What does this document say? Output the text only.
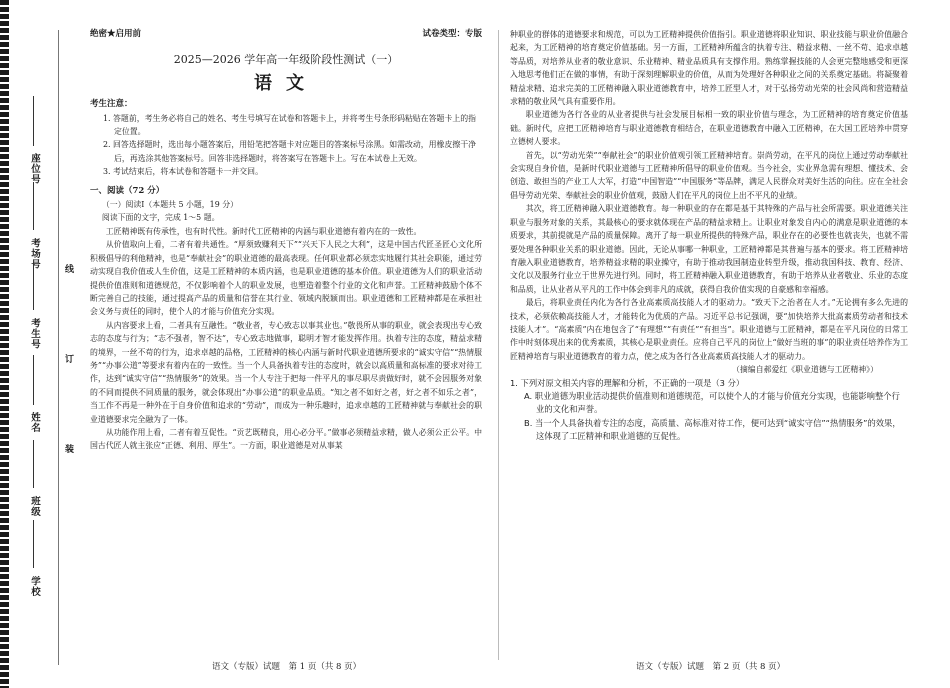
座位号
考场号
考生号
姓名
班级
学校
线
订
装
绝密★启用前	试卷类型：专版
2025—2026 学年高一年级阶段性测试（一）
语文
考生注意：
1. 答题前，考生务必将自己的姓名、考生号填写在试卷和答题卡上，并将考生号条形码粘贴在答题卡上的指定位置。
2. 回答选择题时，选出每小题答案后，用铅笔把答题卡对应题目的答案标号涂黑。如需改动，用橡皮擦干净后，再选涂其他答案标号。回答非选择题时，将答案写在答题卡上。写在本试卷上无效。
3. 考试结束后，将本试卷和答题卡一并交回。
一、阅读（72 分）
（一）阅读Ⅰ（本题共 5 小题，19 分）
阅读下面的文字，完成 1～5 题。
工匠精神既有传承性，也有时代性。新时代工匠精神的内涵与职业道德有着内在的一致性。
从价值取向上看，二者有着共通性。“厚须致赚利天下”“兴天下人民之大利”，这是中国古代匠圣匠心文化所积极倡导的利他精神，也是“奉献社会”的职业道德的最高表现。任何职业都必须恋实地履行其社会职能，通过劳动实现自我价值或人生价值，这是工匠精神的本质内涵，也是职业道德的基本价值。职业道德为人们的职业活动提供价值准则和道德规范，不仅影响着个人的职业发展，也塑造着整个行业的文化和声誉。工匠精神鼓励个体不断完善自己的技能，通过提高产品的质量和信誉在其行业、领域内脱颖而出。职业道德和工匠精神都是在承担社会义务与责任的同时，使个人的才能与价值充分实现。
从内容要求上看，二者具有互融性。“敬业者，专心致志以事其业也。”敬畏所从事的职业，就会表现出专心致志的态度与行为；“志不强者，智不达”，专心致志地做事，聪明才智才能发挥作用。执着专注的态度，精益求精的境界，一丝不苟的行为，追求卓越的品格，工匠精神的核心内涵与新时代职业道德所要求的“诚实守信”“热情服务”“办事公道”等要求有着内在的一致性。当一个人具备执着专注的态度时，就会以高质量和高标准的要求对待工作，达到“诚实守信”“热情服务”的效果。当一个人专注于把每一件平凡的事尽职尽责做好时，就不会因服务对象的不同而提供不同质量的服务，就会体现出“办事公道”的职业品质。“知之者不如好之者，好之者不如乐之者”，当工作不再是一种外在于自身价值和追求的“劳动”，而成为一种乐趣时，追求卓越的工匠精神就与奉献社会的职业道德要求完全融为了一体。
从功能作用上看，二者有着互促性。“贡艺既精良，用心必分平。”做事必须精益求精，做人必须公正公平。中国古代匠人就主张应“正德、利用、厚生”。一方面，职业道德是对从事某
语文（专版）试题　第 1 页（共 8 页）
种职业的群体的道德要求和规范，可以为工匠精神提供价值指引。职业道德将职业知识、职业技能与职业价值融合起来，为工匠精神的培育奠定价值基础。另一方面，工匠精神所蕴含的执着专注、精益求精、一丝不苟、追求卓越等品质，对培养从业者的敬业意识、乐业精神、精业品质具有支撑作用。熟练掌握技能的人会更完整地感受和更深入地思考他们正在做的事情，有助于深刻理解职业的价值，从而为处理好各种职业之间的关系奠定基础。将凝聚着精益求精、追求完美的工匠精神融入职业道德教育中，培养工匠型人才，对于弘扬劳动光荣的社会风尚和营造精益求精的敬业风气具有重要作用。
职业道德为各行各业的从业者提供与社会发展目标相一致的职业价值与理念，为工匠精神的培育奠定价值基础。新时代，应把工匠精神培育与职业道德教育相结合，在职业道德教育中融入工匠精神，在大国工匠培养中贯穿立德树人要求。
首先，以“劳动光荣”“奉献社会”的职业价值观引领工匠精神培育。崇尚劳动，在平凡的岗位上通过劳动奉献社会实现自身价值，是新时代职业道德与工匠精神所倡导的职业价值观。当今社会，实业界急需有理想、懂技术、会创造、敢担当的产业工人大军，打造“中国智造”“中国服务”等品牌，满足人民群众对美好生活的向往。应在全社会倡导劳动光荣、奉献社会的职业价值观，鼓励人们在平凡的岗位上出不平凡的业绩。
其次，将工匠精神融入职业道德教育。每一种职业的存在都是基于其特殊的产品与社会所需要。职业道德关注职业与服务对象的关系，其最核心的要求就体现在产品的精益求精上。让职业对象发自内心的满意是职业道德的本质要求，其前提就是产品的质量保障。离开了每一职业所提供的特殊产品，职业存在的必要性也就丧失，也就不需要处理各种职业关系的职业道德。因此，无论从事哪一种职业，工匠精神都是其普遍与基本的要求。将工匠精神培育融入职业道德教育，培养精益求精的职业操守，有助于推动我国制造业转型升级，推动我国科技、教育、经济、文化以及服务行业立于世界先进行列。同时，将工匠精神融入职业道德教育，有助于培养从业者敬业、乐业的态度和品质，让从业者从平凡的工作中体会到非凡的成就，获得自我价值实现的自豪感和幸福感。
最后，将职业责任内化为各行各业高素质高技能人才的驱动力。“致天下之治者在人才。”无论拥有多么先进的技术，必须依赖高技能人才，才能转化为优质的产品。习近平总书记强调，要“加快培养大批高素质劳动者和技术技能人才”。“高素质”内在地包含了“有理想”“有责任”“有担当”。职业道德与工匠精神，都是在平凡岗位的日常工作中时刻体现出来的优秀素质，其核心是职业责任。应将自己平凡的岗位上“做好当班的事”的职业责任培养作为工匠精神培育与职业道德教育的着力点，使之成为各行各业高素质高技能人才的驱动力。
（摘编自郝爱红《职业道德与工匠精神》）
1. 下列对原文相关内容的理解和分析，不正确的一项是（3 分）
A. 职业道德为职业活动提供价值准则和道德规范，可以使个人的才能与价值充分实现，也能影响整个行业的文化和声誉。
B. 当一个人具备执着专注的态度，高质量、高标准对待工作，便可达到“诚实守信”“热情服务”的效果，这体现了工匠精神和职业道德的互促性。
语文（专版）试题　第 2 页（共 8 页）
